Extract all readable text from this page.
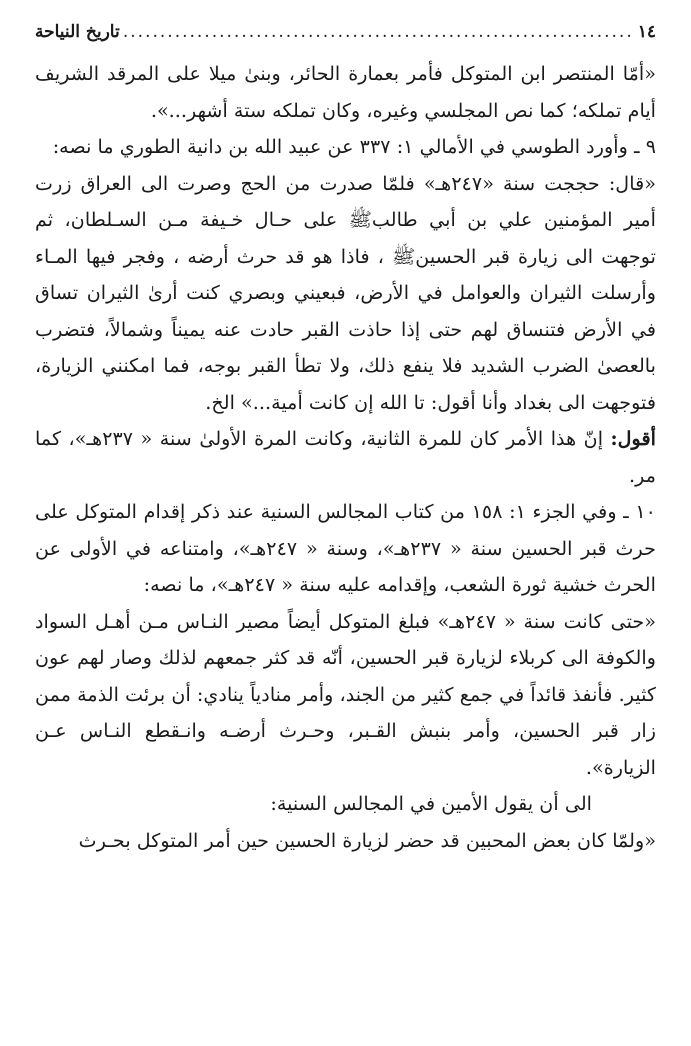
١٤
.....
تاريخ النياحة

«أمّا المنتصر ابن المتوكل فأمر بعمارة الحائر، وبنىٰ ميلا على المرقد الشريف أيام تملكه؛ كما نص المجلسي وغيره، وكان تملكه ستة أشهر...».

٩ ـ وأورد الطوسي في الأمالي ١: ٣٣٧ عن عبيد الله بن دانية الطوري ما نصه:

«قال: حججت سنة «٢٤٧هـ» فلمّا صدرت من الحج وصرت الى العراق زرت أمير المؤمنين علي بن أبي طالب‌ﷺ على حـال خـيفة مـن السـلطان، ثم توجهت الى زيارة قبر الحسين‌ﷺ ، فاذا هو قد حرث أرضه ، وفجر فيها المـاء وأرسلت الثيران والعوامل في الأرض، فبعيني وبصري كنت أرىٰ الثيران تساق في الأرض فتنساق لهم حتى إذا حاذت القبر حادت عنه يميناً وشمالاً، فتضرب بالعصىٰ الضرب الشديد فلا ينفع ذلك، ولا تطأ القبر بوجه، فما امكنني الزيارة، فتوجهت الى بغداد وأنا أقول: تا الله إن كانت أمية...» الخ.

أقول: إنّ هذا الأمر كان للمرة الثانية، وكانت المرة الأولىٰ سنة « ٢٣٧هـ»، كما مر.

١٠ ـ وفي الجزء ١: ١٥٨ من كتاب المجالس السنية عند ذكر إقدام المتوكل على حرث قبر الحسين سنة « ٢٣٧هـ»، وسنة « ٢٤٧هـ»، وامتناعه في الأولى عن الحرث خشية ثورة الشعب، وإقدامه عليه سنة « ٢٤٧هـ»، ما نصه:

«حتى كانت سنة « ٢٤٧هـ» فبلغ المتوكل أيضاً مصير النـاس مـن أهـل السواد والكوفة الى كربلاء لزيارة قبر الحسين، أنّه قد كثر جمعهم لذلك وصار لهم عون كثير. فأنفذ قائداً في جمع كثير من الجند، وأمر منادياً ينادي: أن برئت الذمة ممن زار قبر الحسين، وأمر بنبش القـبر، وحـرث أرضـه وانـقطع النـاس عـن الزيارة».

الى أن يقول الأمين في المجالس السنية:

«ولمّا كان بعض المحبين قد حضر لزيارة الحسين حين أمر المتوكل بحـرث
